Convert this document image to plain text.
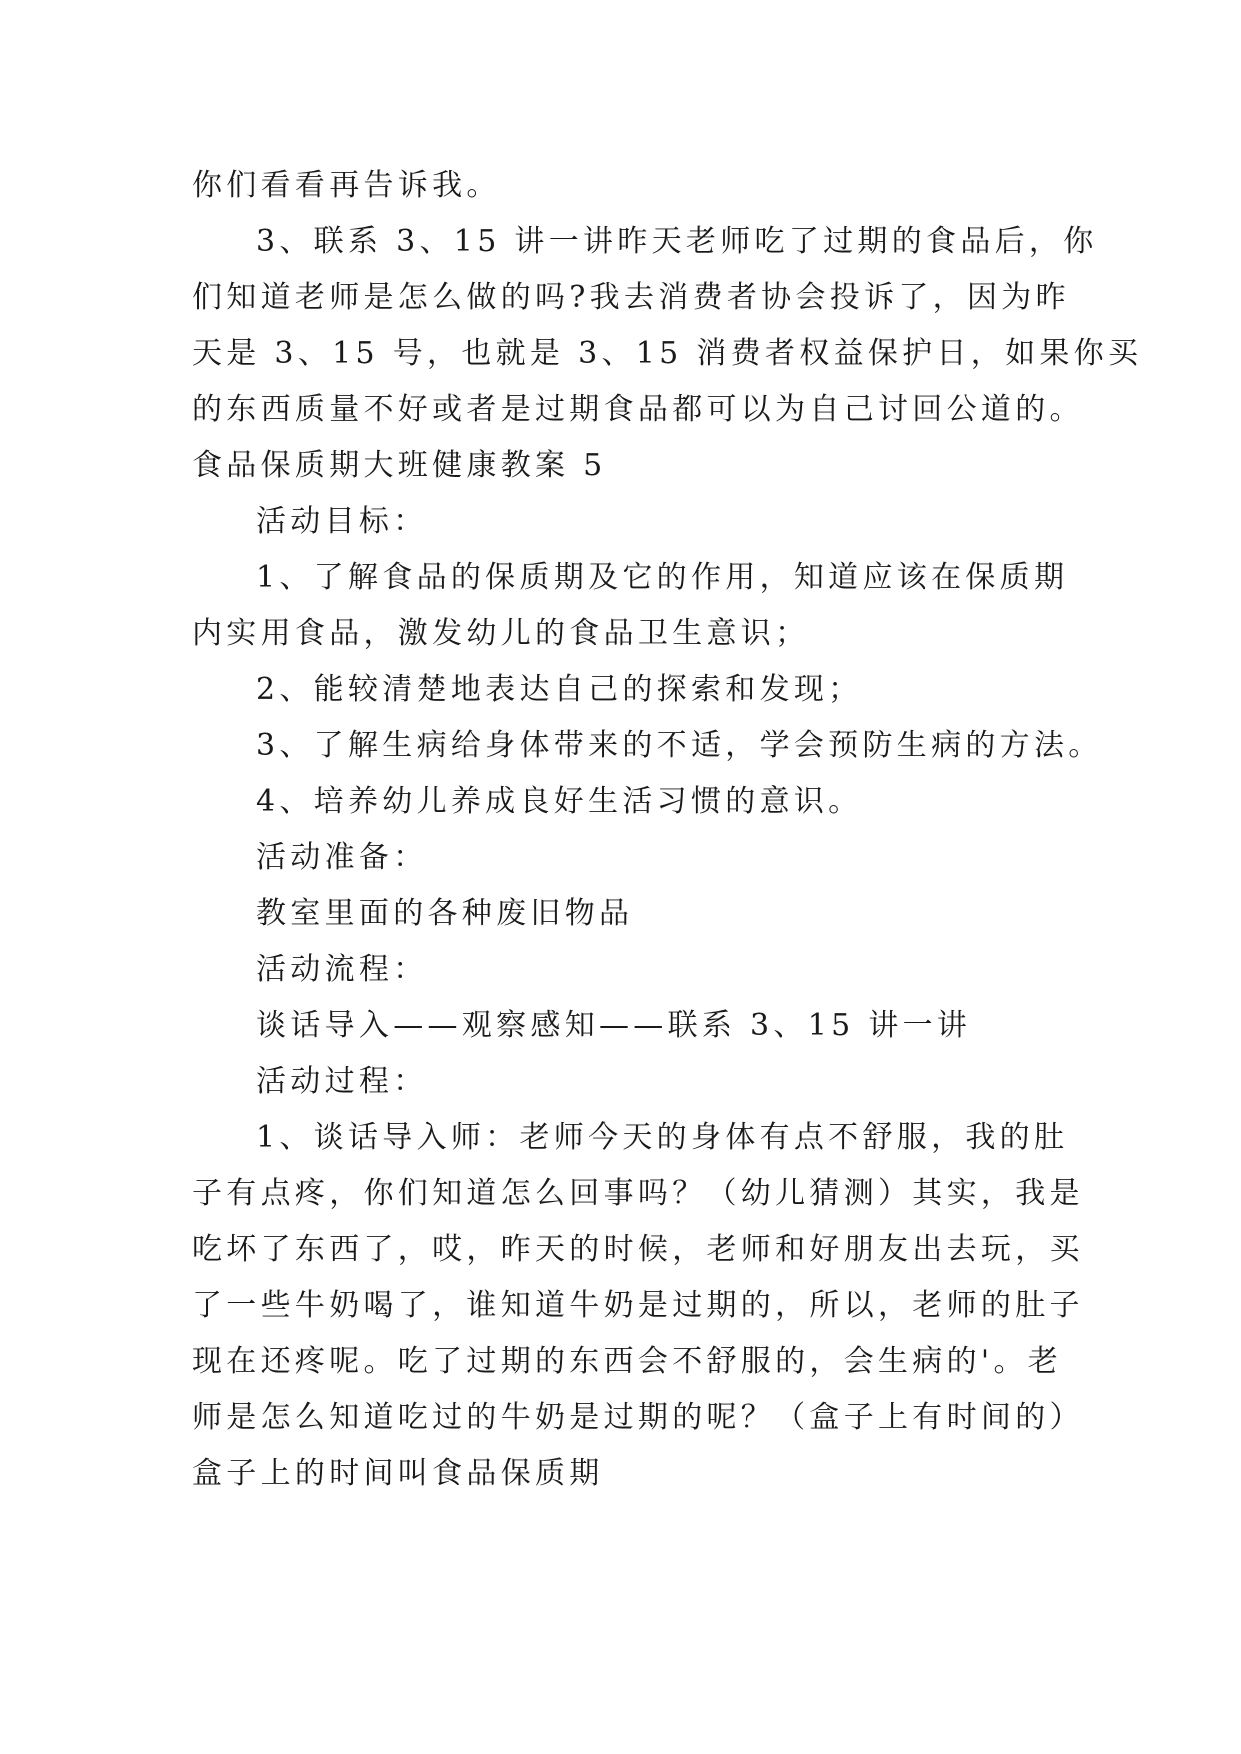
你们看看再告诉我。
3、联系 3、15 讲一讲昨天老师吃了过期的食品后，你
们知道老师是怎么做的吗?我去消费者协会投诉了，因为昨
天是 3、15 号，也就是 3、15 消费者权益保护日，如果你买
的东西质量不好或者是过期食品都可以为自己讨回公道的。
食品保质期大班健康教案 5
活动目标：
1、了解食品的保质期及它的作用，知道应该在保质期
内实用食品，激发幼儿的食品卫生意识；
2、能较清楚地表达自己的探索和发现；
3、了解生病给身体带来的不适，学会预防生病的方法。
4、培养幼儿养成良好生活习惯的意识。
活动准备：
教室里面的各种废旧物品
活动流程：
谈话导入——观察感知——联系 3、15 讲一讲
活动过程：
1、谈话导入师：老师今天的身体有点不舒服，我的肚
子有点疼，你们知道怎么回事吗？（幼儿猜测）其实，我是
吃坏了东西了，哎，昨天的时候，老师和好朋友出去玩，买
了一些牛奶喝了，谁知道牛奶是过期的，所以，老师的肚子
现在还疼呢。吃了过期的东西会不舒服的，会生病的'。老
师是怎么知道吃过的牛奶是过期的呢？（盒子上有时间的）
盒子上的时间叫食品保质期
